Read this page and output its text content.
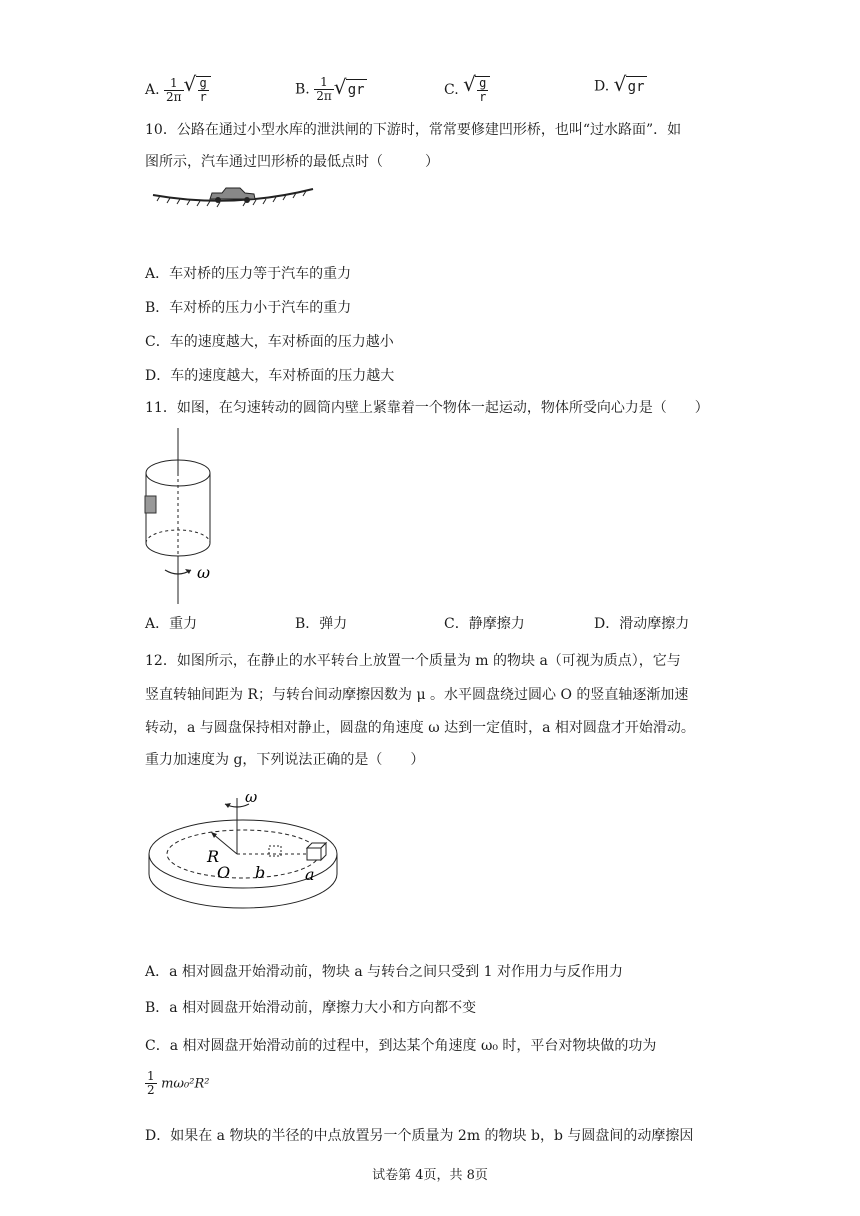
A. $\frac{1}{2\pi}$ √ $\frac{g}{r}$	B. $\frac{1}{2\pi}$ √ gr	C. √ $\frac{g}{r}$	D. √ gr
10．公路在通过小型水库的泄洪闸的下游时，常常要修建凹形桥，也叫“过水路面”．如
图所示，汽车通过凹形桥的最低点时（　　　）
A．车对桥的压力等于汽车的重力
B．车对桥的压力小于汽车的重力
C．车的速度越大，车对桥面的压力越小
D．车的速度越大，车对桥面的压力越大
11．如图，在匀速转动的圆筒内壁上紧靠着一个物体一起运动，物体所受向心力是（　　）
ω
A．重力	B．弹力	C．静摩擦力	D．滑动摩擦力
12．如图所示，在静止的水平转台上放置一个质量为 m 的物块 a（可视为质点），它与
竖直转轴间距为 R；与转台间动摩擦因数为 μ 。水平圆盘绕过圆心 O 的竖直轴逐渐加速
转动，a 与圆盘保持相对静止，圆盘的角速度 ω 达到一定值时，a 相对圆盘才开始滑动。
重力加速度为 g，下列说法正确的是（　　）
ω
R
O b a
A．a 相对圆盘开始滑动前，物块 a 与转台之间只受到 1 对作用力与反作用力
B．a 相对圆盘开始滑动前，摩擦力大小和方向都不变
C．a 相对圆盘开始滑动前的过程中，到达某个角速度 ω₀ 时，平台对物块做的功为
$\frac{1}{2} m\omega_0^2R^2$
D．如果在 a 物块的半径的中点放置另一个质量为 2m 的物块 b，b 与圆盘间的动摩擦因
试卷第 4页，共 8页
